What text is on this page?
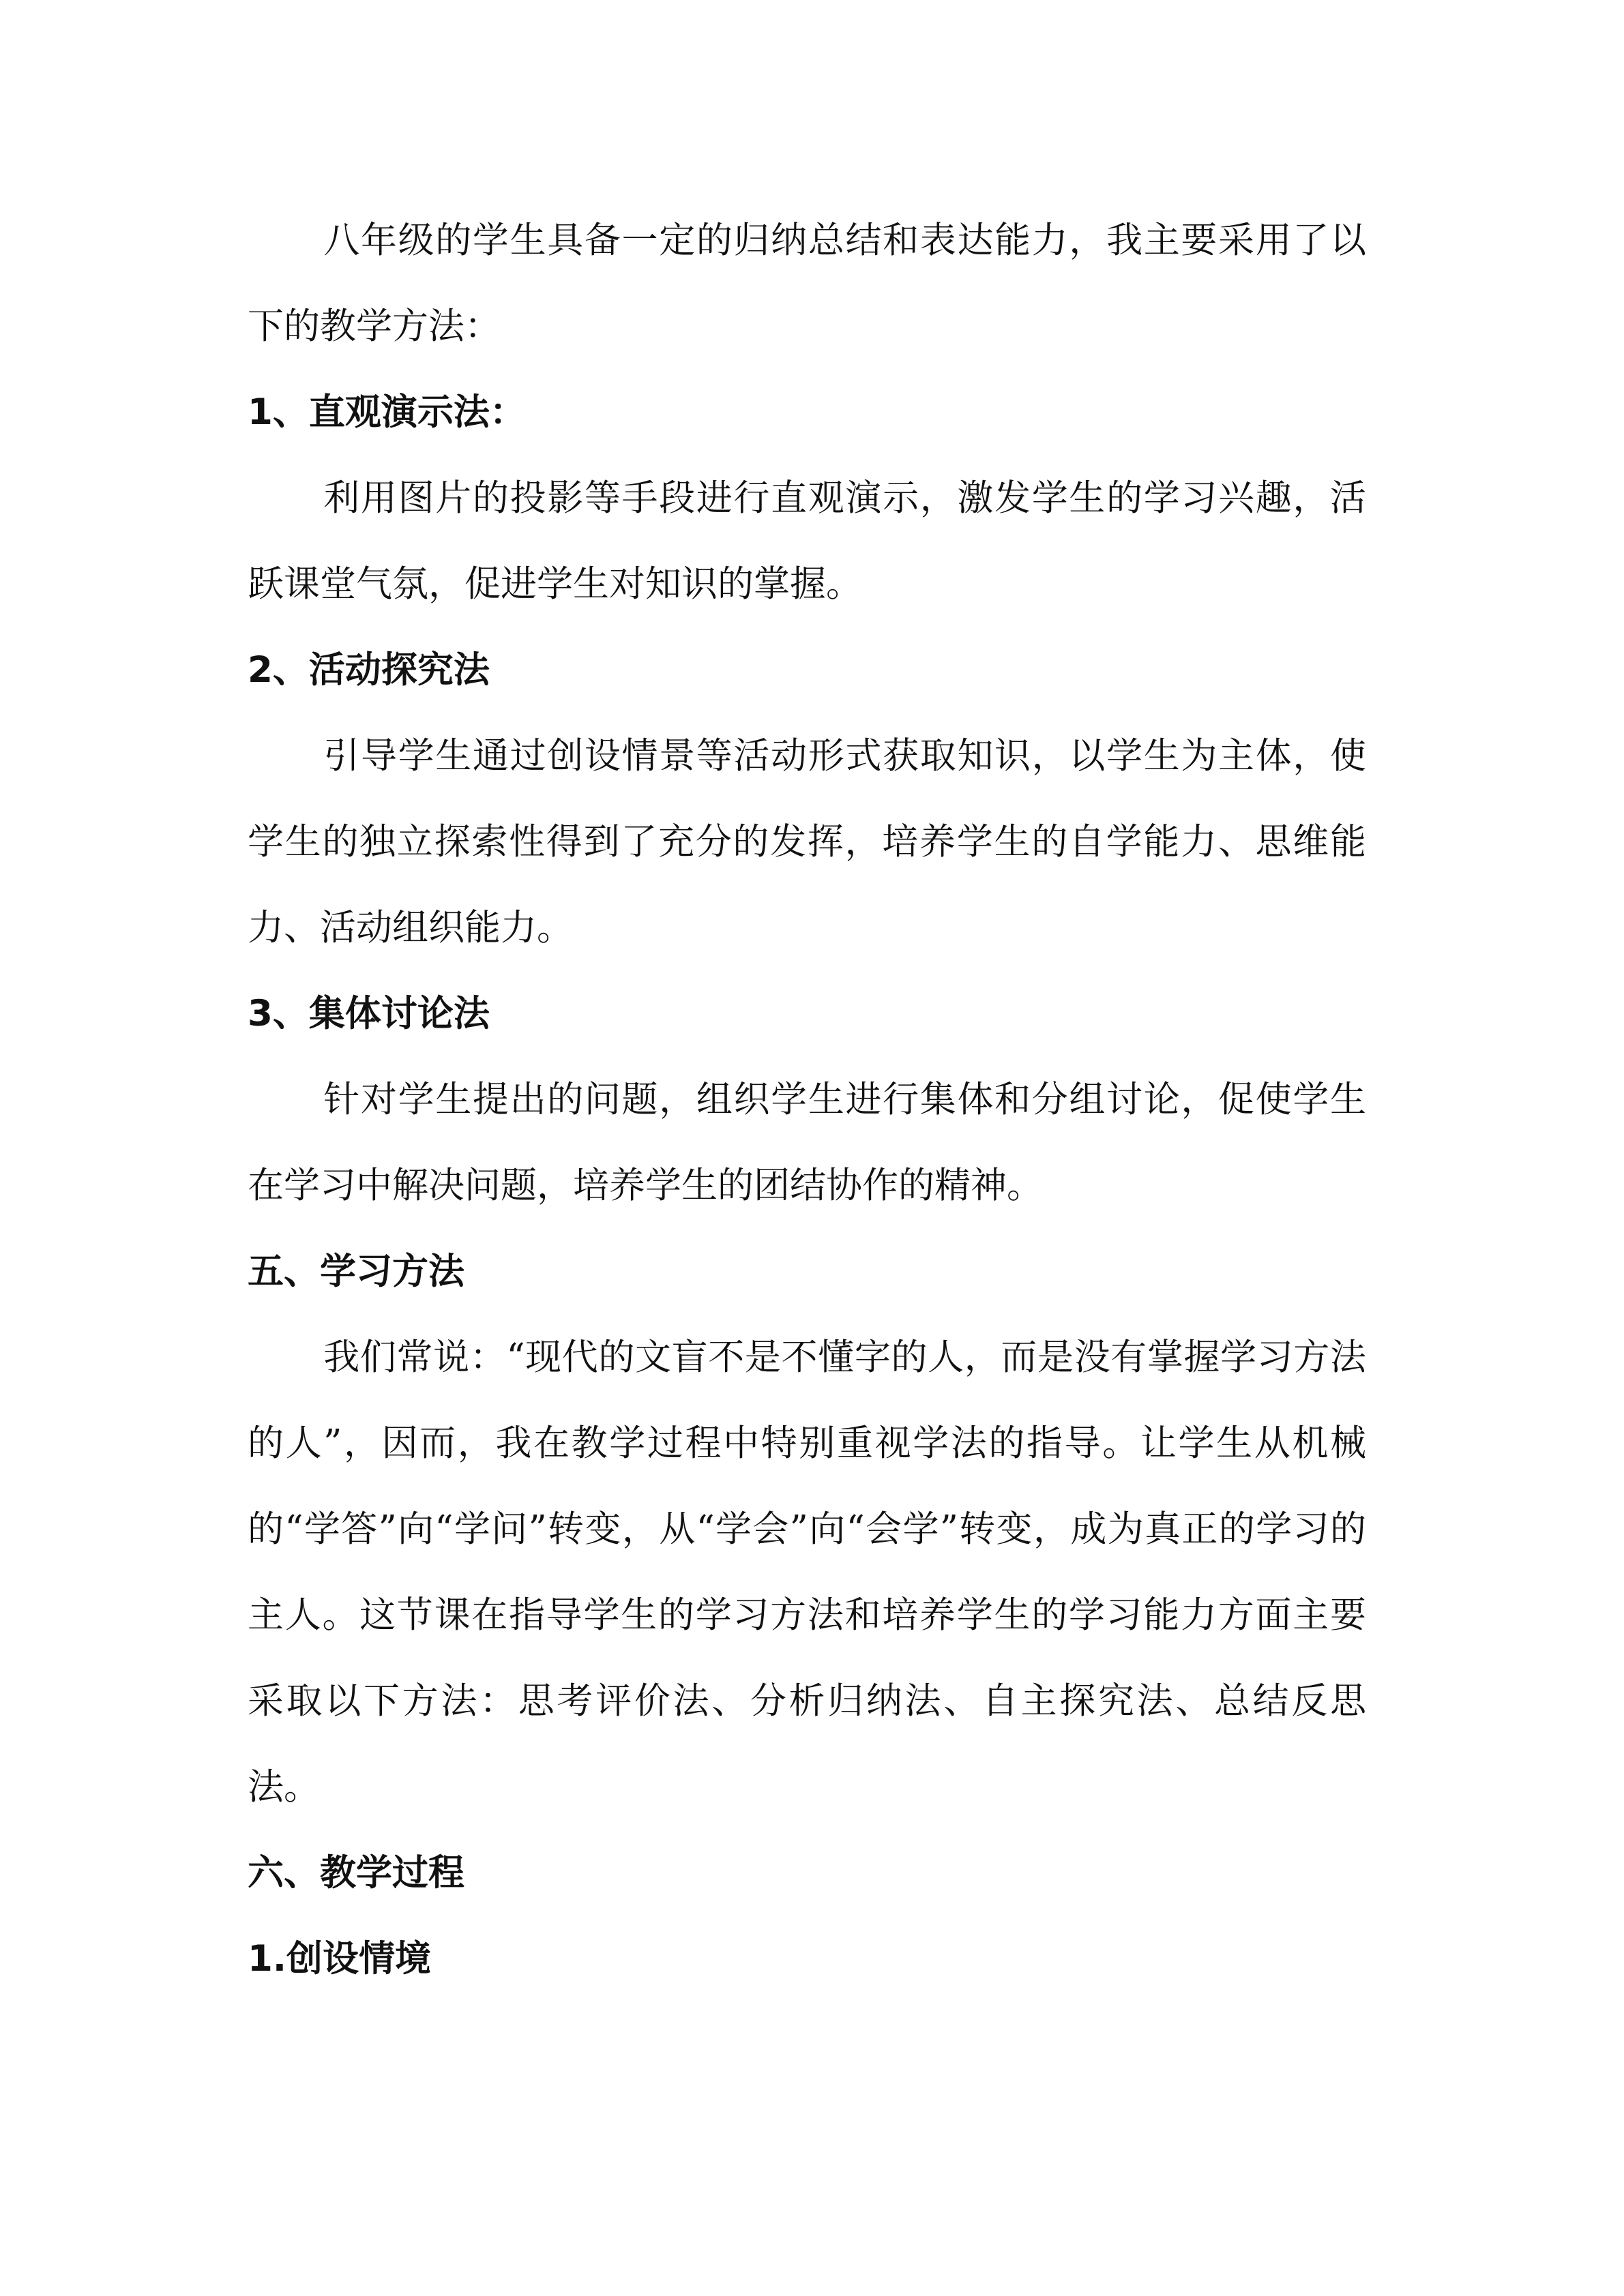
八年级的学生具备一定的归纳总结和表达能力，我主要采用了以下的教学方法：

1、直观演示法：

利用图片的投影等手段进行直观演示，激发学生的学习兴趣，活跃课堂气氛，促进学生对知识的掌握。

2、活动探究法

引导学生通过创设情景等活动形式获取知识，以学生为主体，使学生的独立探索性得到了充分的发挥，培养学生的自学能力、思维能力、活动组织能力。

3、集体讨论法

针对学生提出的问题，组织学生进行集体和分组讨论，促使学生在学习中解决问题，培养学生的团结协作的精神。

五、学习方法

我们常说：“现代的文盲不是不懂字的人，而是没有掌握学习方法的人”，因而，我在教学过程中特别重视学法的指导。让学生从机械的“学答”向“学问”转变，从“学会”向“会学”转变，成为真正的学习的主人。这节课在指导学生的学习方法和培养学生的学习能力方面主要采取以下方法：思考评价法、分析归纳法、自主探究法、总结反思法。

六、教学过程

1.创设情境
